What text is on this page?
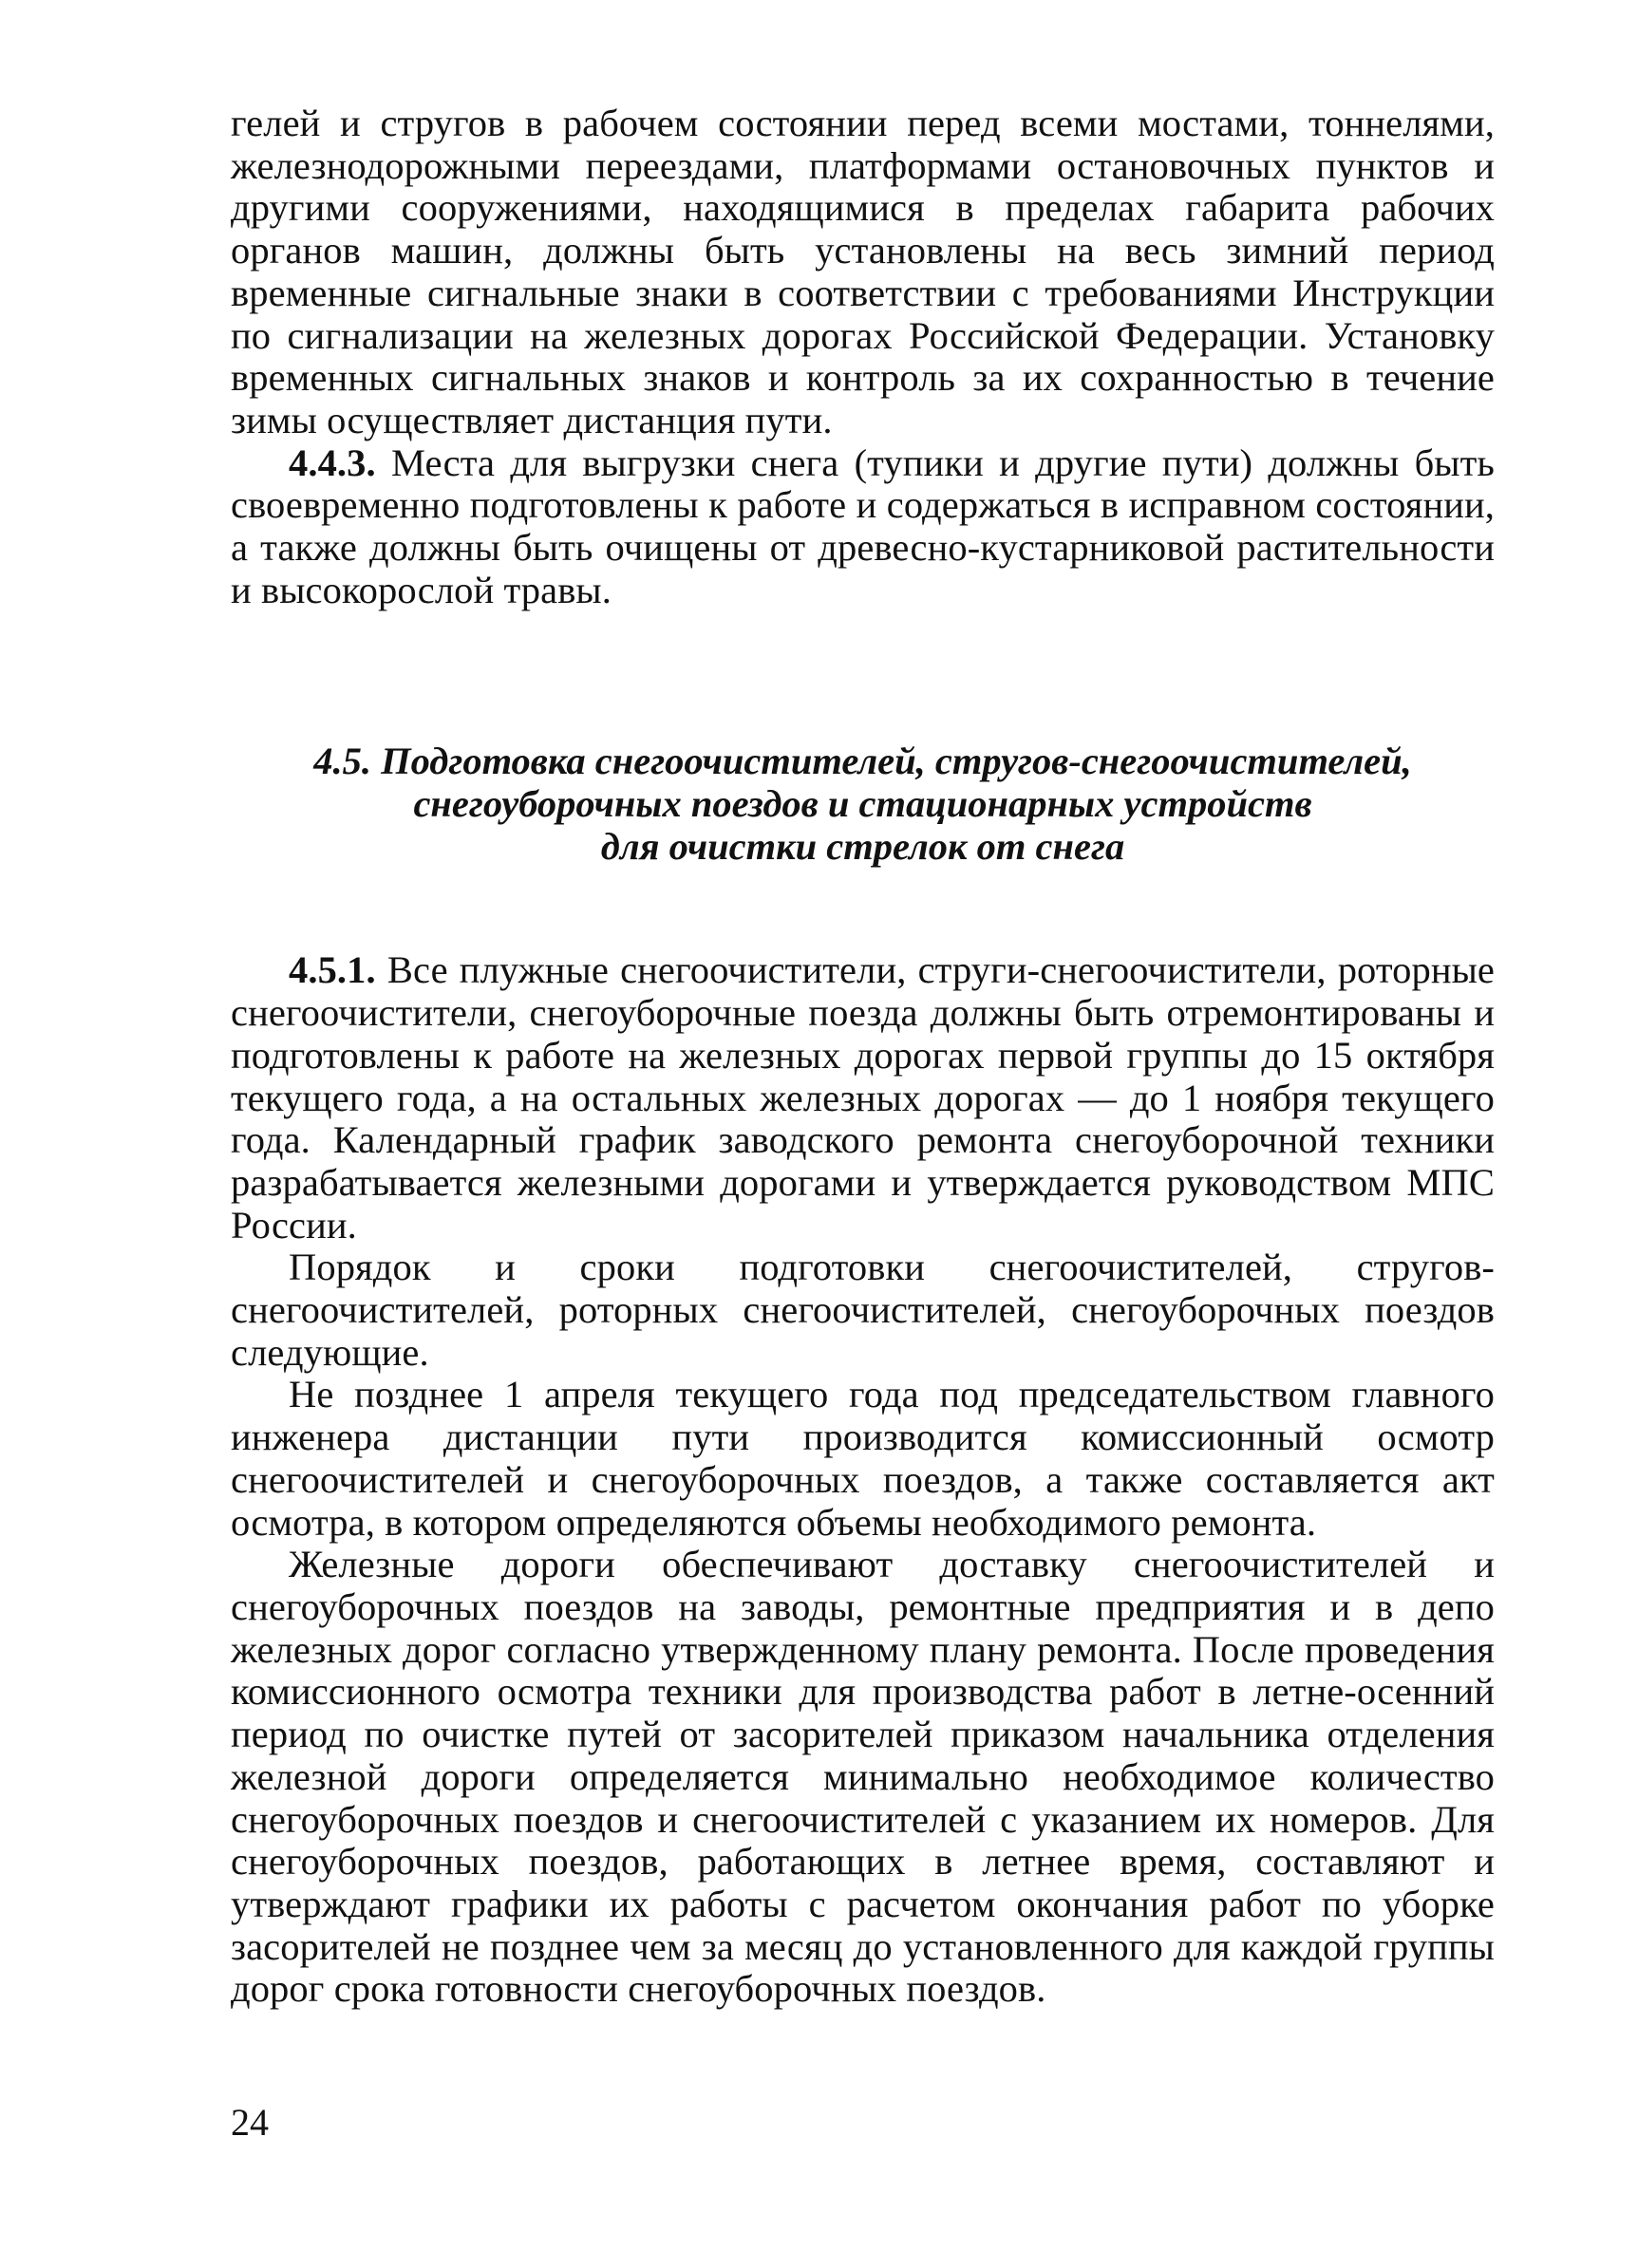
гелей и стругов в рабочем состоянии перед всеми мостами, тоннелями, железнодорожными переездами, платформами остановочных пунктов и другими сооружениями, находящимися в пределах габарита рабочих органов машин, должны быть установлены на весь зимний период временные сигнальные знаки в соответствии с требованиями Инструкции по сигнализации на железных дорогах Российской Федерации. Установку временных сигнальных знаков и контроль за их сохранностью в течение зимы осуществляет дистанция пути.

4.4.3. Места для выгрузки снега (тупики и другие пути) должны быть своевременно подготовлены к работе и содержаться в исправном состоянии, а также должны быть очищены от древесно-кустарниковой растительности и высокорослой травы.

4.5. Подготовка снегоочистителей, стругов-снегоочистителей,
снегоуборочных поездов и стационарных устройств
для очистки стрелок от снега

4.5.1. Все плужные снегоочистители, струги-снегоочистители, роторные снегоочистители, снегоуборочные поезда должны быть отремонтированы и подготовлены к работе на железных дорогах первой группы до 15 октября текущего года, а на остальных железных дорогах — до 1 ноября текущего года. Календарный график заводского ремонта снегоуборочной техники разрабатывается железными дорогами и утверждается руководством МПС России.

Порядок и сроки подготовки снегоочистителей, стругов-снегоочистителей, роторных снегоочистителей, снегоуборочных поездов следующие.

Не позднее 1 апреля текущего года под председательством главного инженера дистанции пути производится комиссионный осмотр снегоочистителей и снегоуборочных поездов, а также составляется акт осмотра, в котором определяются объемы необходимого ремонта.

Железные дороги обеспечивают доставку снегоочистителей и снегоуборочных поездов на заводы, ремонтные предприятия и в депо железных дорог согласно утвержденному плану ремонта. После проведения комиссионного осмотра техники для производства работ в летне-осенний период по очистке путей от засорителей приказом начальника отделения железной дороги определяется минимально необходимое количество снегоуборочных поездов и снегоочистителей с указанием их номеров. Для снегоуборочных поездов, работающих в летнее время, составляют и утверждают графики их работы с расчетом окончания работ по уборке засорителей не позднее чем за месяц до установленного для каждой группы дорог срока готовности снегоуборочных поездов.

24
